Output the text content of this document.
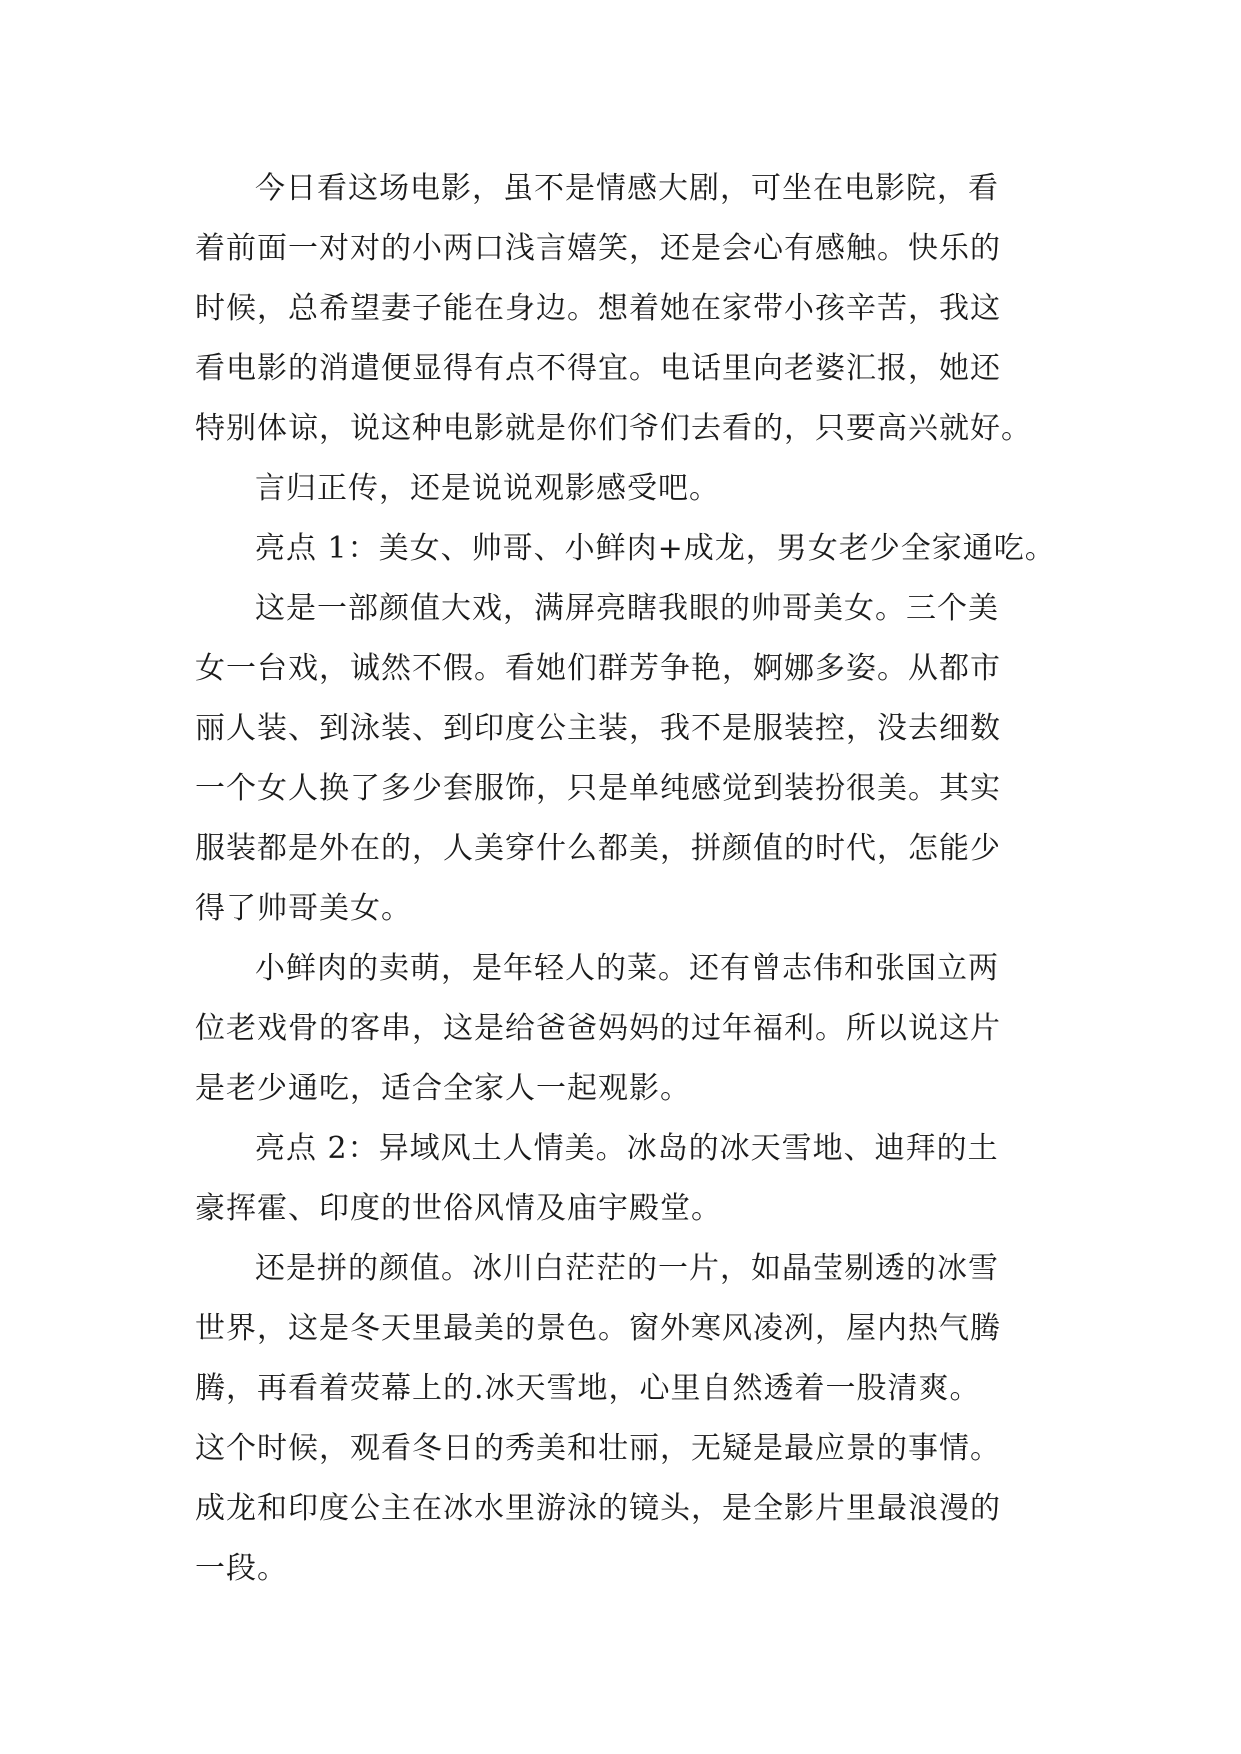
今日看这场电影，虽不是情感大剧，可坐在电影院，看
着前面一对对的小两口浅言嬉笑，还是会心有感触。快乐的
时候，总希望妻子能在身边。想着她在家带小孩辛苦，我这
看电影的消遣便显得有点不得宜。电话里向老婆汇报，她还
特别体谅，说这种电影就是你们爷们去看的，只要高兴就好。
言归正传，还是说说观影感受吧。
亮点 1：美女、帅哥、小鲜肉+成龙，男女老少全家通吃。
这是一部颜值大戏，满屏亮瞎我眼的帅哥美女。三个美
女一台戏，诚然不假。看她们群芳争艳，婀娜多姿。从都市
丽人装、到泳装、到印度公主装，我不是服装控，没去细数
一个女人换了多少套服饰，只是单纯感觉到装扮很美。其实
服装都是外在的，人美穿什么都美，拼颜值的时代，怎能少
得了帅哥美女。
小鲜肉的卖萌，是年轻人的菜。还有曾志伟和张国立两
位老戏骨的客串，这是给爸爸妈妈的过年福利。所以说这片
是老少通吃，适合全家人一起观影。
亮点 2：异域风土人情美。冰岛的冰天雪地、迪拜的土
豪挥霍、印度的世俗风情及庙宇殿堂。
还是拼的颜值。冰川白茫茫的一片，如晶莹剔透的冰雪
世界，这是冬天里最美的景色。窗外寒风凌冽，屋内热气腾
腾，再看着荧幕上的.冰天雪地，心里自然透着一股清爽。
这个时候，观看冬日的秀美和壮丽，无疑是最应景的事情。
成龙和印度公主在冰水里游泳的镜头，是全影片里最浪漫的
一段。
